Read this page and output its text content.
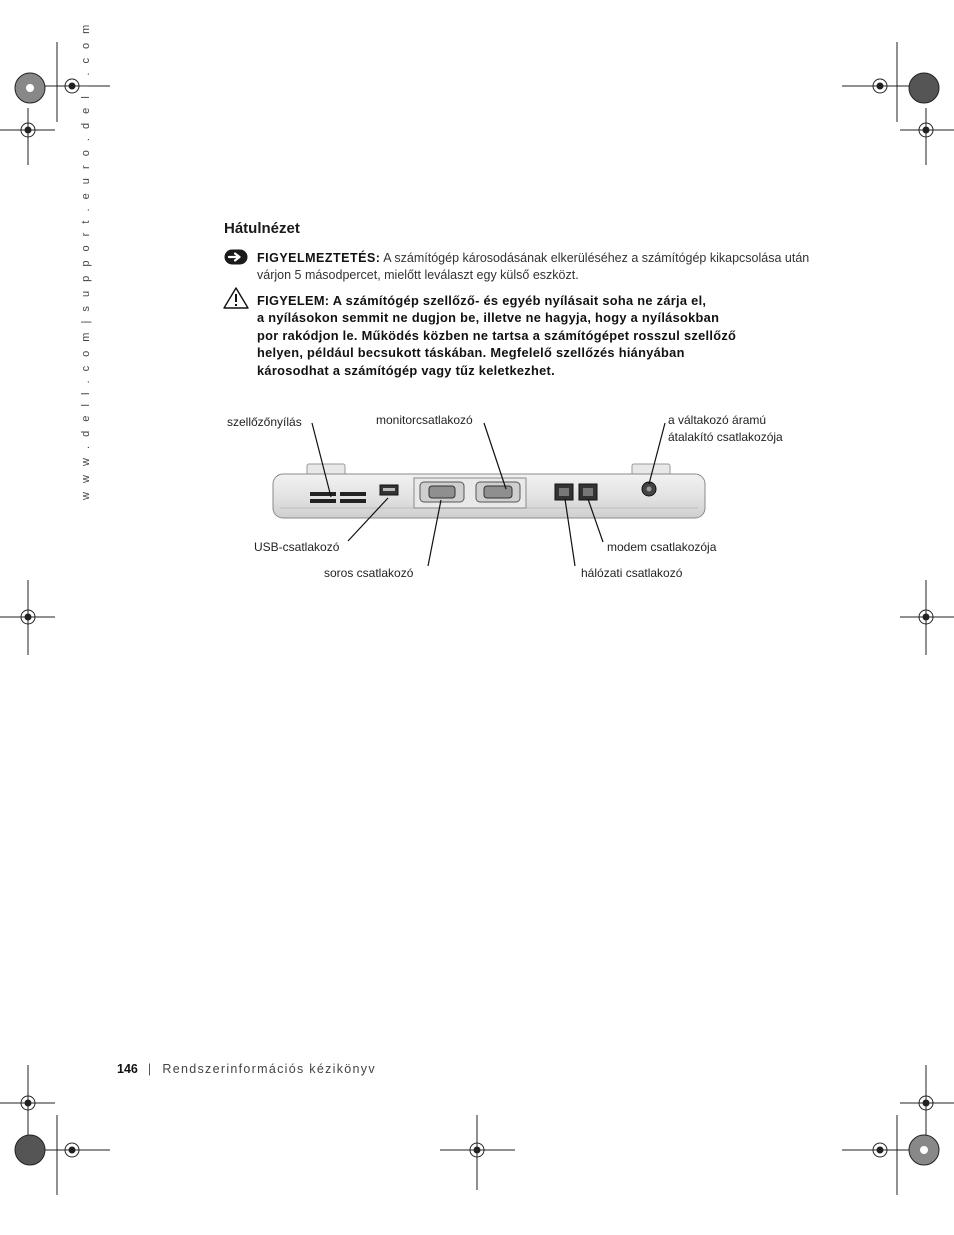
w w w . d e l l . c o m | s u p p o r t . e u r o . d e l l . c o m	Hátulnézet
FIGYELMEZTETÉS: A számítógép károsodásának elkerüléséhez a számítógép kikapcsolása után várjon 5 másodpercet, mielőtt leválaszt egy külső eszközt.
FIGYELEM: A számítógép szellőző- és egyéb nyílásait soha ne zárja el,
a nyílásokon semmit ne dugjon be, illetve ne hagyja, hogy a nyílásokban
por rakódjon le. Működés közben ne tartsa a számítógépet rosszul szellőző
helyen, például becsukott táskában. Megfelelő szellőzés hiányában
károsodhat a számítógép vagy tűz keletkezhet.
szellőzőnyílás	monitorcsatlakozó	a váltakozó áramú
átalakító csatlakozója
USB-csatlakozó
soros csatlakozó
modem csatlakozója
hálózati csatlakozó
146 | Rendszerinformációs kézikönyv
